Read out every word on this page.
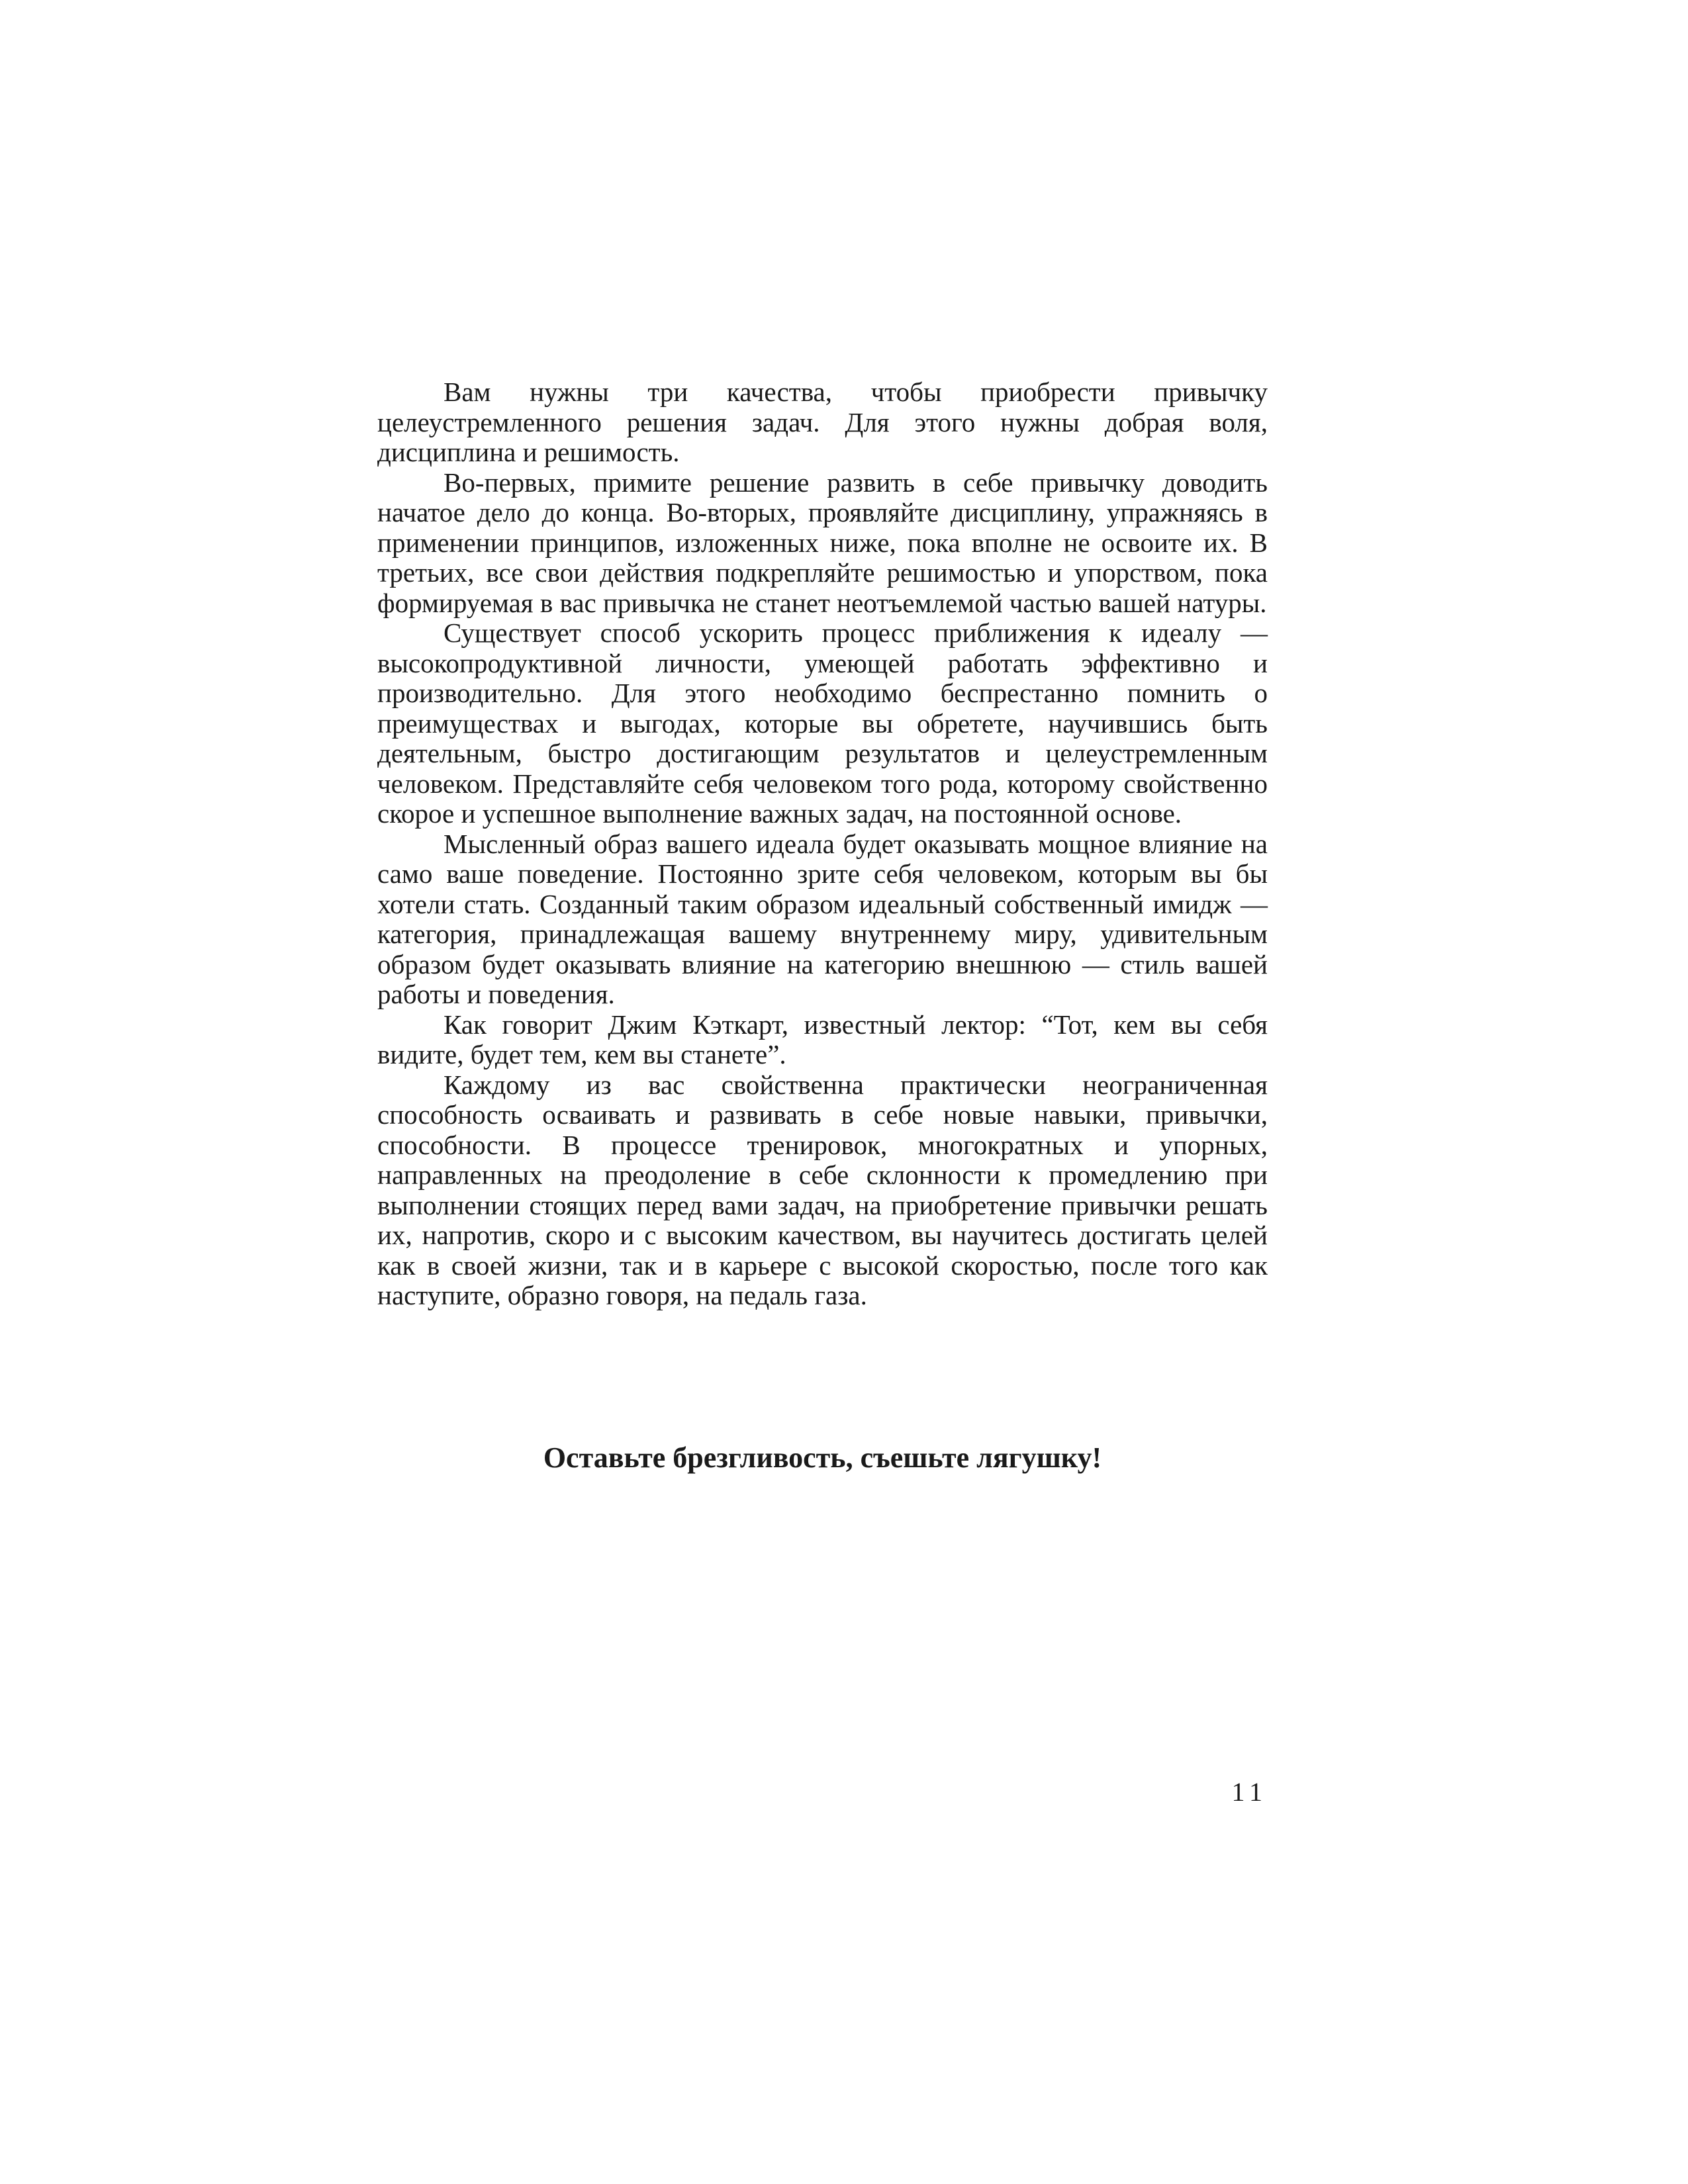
Вам нужны три качества, чтобы приобрести привычку целеустремленного решения задач. Для этого нужны добрая воля, дисциплина и решимость.

Во-первых, примите решение развить в себе привычку доводить начатое дело до конца. Во-вторых, проявляйте дисциплину, упражняясь в применении принципов, изложенных ниже, пока вполне не освоите их. В третьих, все свои действия подкрепляйте решимостью и упорством, пока формируемая в вас привычка не станет неотъемлемой частью вашей натуры.

Существует способ ускорить процесс приближения к идеалу — высокопродуктивной личности, умеющей работать эффективно и производительно. Для этого необходимо беспрестанно помнить о преимуществах и выгодах, которые вы обретете, научившись быть деятельным, быстро достигающим результатов и целеустремленным человеком. Представляйте себя человеком того рода, которому свойственно скорое и успешное выполнение важных задач, на постоянной основе.

Мысленный образ вашего идеала будет оказывать мощное влияние на само ваше поведение. Постоянно зрите себя человеком, которым вы бы хотели стать. Созданный таким образом идеальный собственный имидж — категория, принадлежащая вашему внутреннему миру, удивительным образом будет оказывать влияние на категорию внешнюю — стиль вашей работы и поведения.

Как говорит Джим Кэткарт, известный лектор: “Тот, кем вы себя видите, будет тем, кем вы станете”.

Каждому из вас свойственна практически неограниченная способность осваивать и развивать в себе новые навыки, привычки, способности. В процессе тренировок, многократных и упорных, направленных на преодоление в себе склонности к промедлению при выполнении стоящих перед вами задач, на приобретение привычки решать их, напротив, скоро и с высоким качеством, вы научитесь достигать целей как в своей жизни, так и в карьере с высокой скоростью, после того как наступите, образно говоря, на педаль газа.

Оставьте брезгливость, съешьте лягушку!
11
